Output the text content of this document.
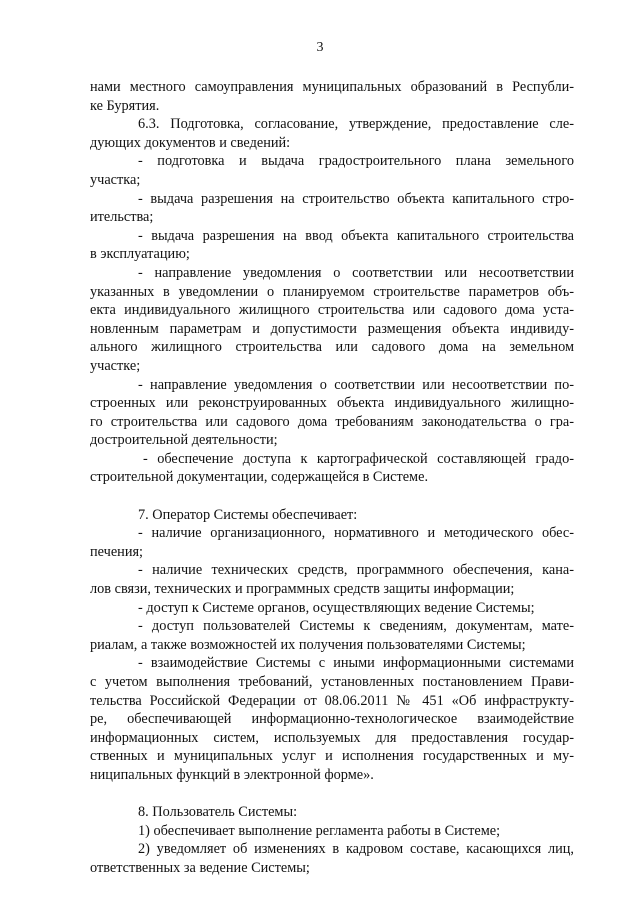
3
нами местного самоуправления муниципальных образований в Республи-
ке Бурятия.
6.3. Подготовка, согласование, утверждение, предоставление сле-
дующих документов и сведений:
- подготовка и выдача градостроительного плана земельного
участка;
- выдача разрешения на строительство объекта капитального стро-
ительства;
- выдача разрешения на ввод объекта капитального строительства
в эксплуатацию;
- направление уведомления о соответствии или несоответствии
указанных в уведомлении о планируемом строительстве параметров объ-
екта индивидуального жилищного строительства или садового дома уста-
новленным параметрам и допустимости размещения объекта индивиду-
ального жилищного строительства или садового дома на земельном
участке;
- направление уведомления о соответствии или несоответствии по-
строенных или реконструированных объекта индивидуального жилищно-
го строительства или садового дома требованиям законодательства о гра-
достроительной деятельности;
- обеспечение доступа к картографической составляющей градо-
строительной документации, содержащейся в Системе.
7. Оператор Системы обеспечивает:
- наличие организационного, нормативного и методического обес-
печения;
- наличие технических средств, программного обеспечения, кана-
лов связи, технических и программных средств защиты информации;
- доступ к Системе органов, осуществляющих ведение Системы;
- доступ пользователей Системы к сведениям, документам, мате-
риалам, а также возможностей их получения пользователями Системы;
- взаимодействие Системы с иными информационными системами
с учетом выполнения требований, установленных постановлением Прави-
тельства Российской Федерации от 08.06.2011 № 451 «Об инфраструкту-
ре, обеспечивающей информационно-технологическое взаимодействие
информационных систем, используемых для предоставления государ-
ственных и муниципальных услуг и исполнения государственных и му-
ниципальных функций в электронной форме».
8. Пользователь Системы:
1) обеспечивает выполнение регламента работы в Системе;
2) уведомляет об изменениях в кадровом составе, касающихся лиц,
ответственных за ведение Системы;
